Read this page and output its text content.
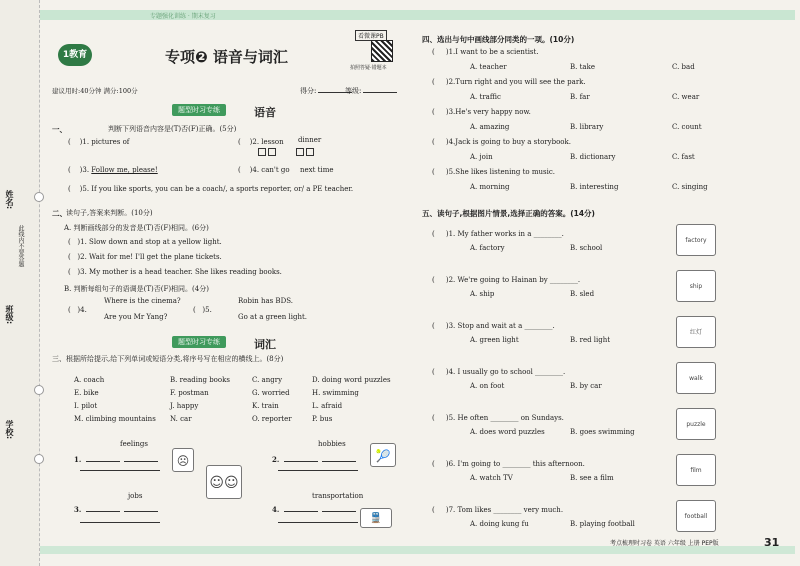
姓名:
班级:
学校:
此线内不要答题
专题强化训练 · 期末复习
1教育	专项❷ 语音与词汇
看微课PB
拍照答疑·错题本
建议用时:40分钟 满分:100分	得分:	等级:
题型时习专练	语音
一、	判断下列语音内容是(T)否(F)正确。(5分)
(    )1. pictures of	(    )2. lesson dinner
(    )3. Follow me, please!	(    )4. can't go next time
(    )5. If you like sports, you can be a coach/, a sports reporter, or/ a PE teacher.
二、 读句子,答案来判断。(10分)
A. 判断画线部分的发音是(T)否(F)相同。(6分)
(   )1. Slow down and stop at a yellow light.
(   )2. Wait for me! I'll get the plane tickets.
(   )3. My mother is a head teacher. She likes reading books.
B. 判断每组句子的语调是(T)否(F)相同。(4分)
(   )4.
Where is the cinema?
Are you Mr Yang?
(   )5.
Robin has BDS.
Go at a green light.
题型时习专练	词汇
三、根据所给提示,给下列单词或短语分类,将序号写在相应的横线上。(8分)
A. coach	B. reading books	C. angry	D. doing word puzzles
E. bike	F. postman	G. worried	H. swimming
I. pilot	J. happy	K. train	L. afraid
M. climbing mountains N. car	O. reporter	P. bus
feelings	hobbies
jobs	transportation
1.	2.
3.	4.
☹	🎾
☺☺
🚆
四、选出与句中画线部分同类的一项。(10分)
(     )1.I want to be a scientist.
A. teacher	B. take	C. bad
(     )2.Turn right and you will see the park.
A. traffic	B. far	C. wear
(     )3.He's very happy now.
A. amazing	B. library	C. count
(     )4.Jack is going to buy a storybook.
A. join	B. dictionary	C. fast
(     )5.She likes listening to music.
A. morning	B. interesting	C. singing
五、读句子,根据图片情景,选择正确的答案。(14分)
(     )1. My father works in a ________.
A. factory	B. school
factory
(     )2. We're going to Hainan by ________.
A. ship	B. sled
ship
(     )3. Stop and wait at a ________.
A. green light	B. red light
红灯
(     )4. I usually go to school ________.
A. on foot	B. by car
walk
(     )5. He often ________ on Sundays.
A. does word puzzles	B. goes swimming
puzzle
(     )6. I'm going to ________ this afternoon.
A. watch TV	B. see a film
film
(     )7. Tom likes ________ very much.
A. doing kung fu	B. playing football
football
考点梳理时习卷 英语 六年级 上册 PEP版	31
